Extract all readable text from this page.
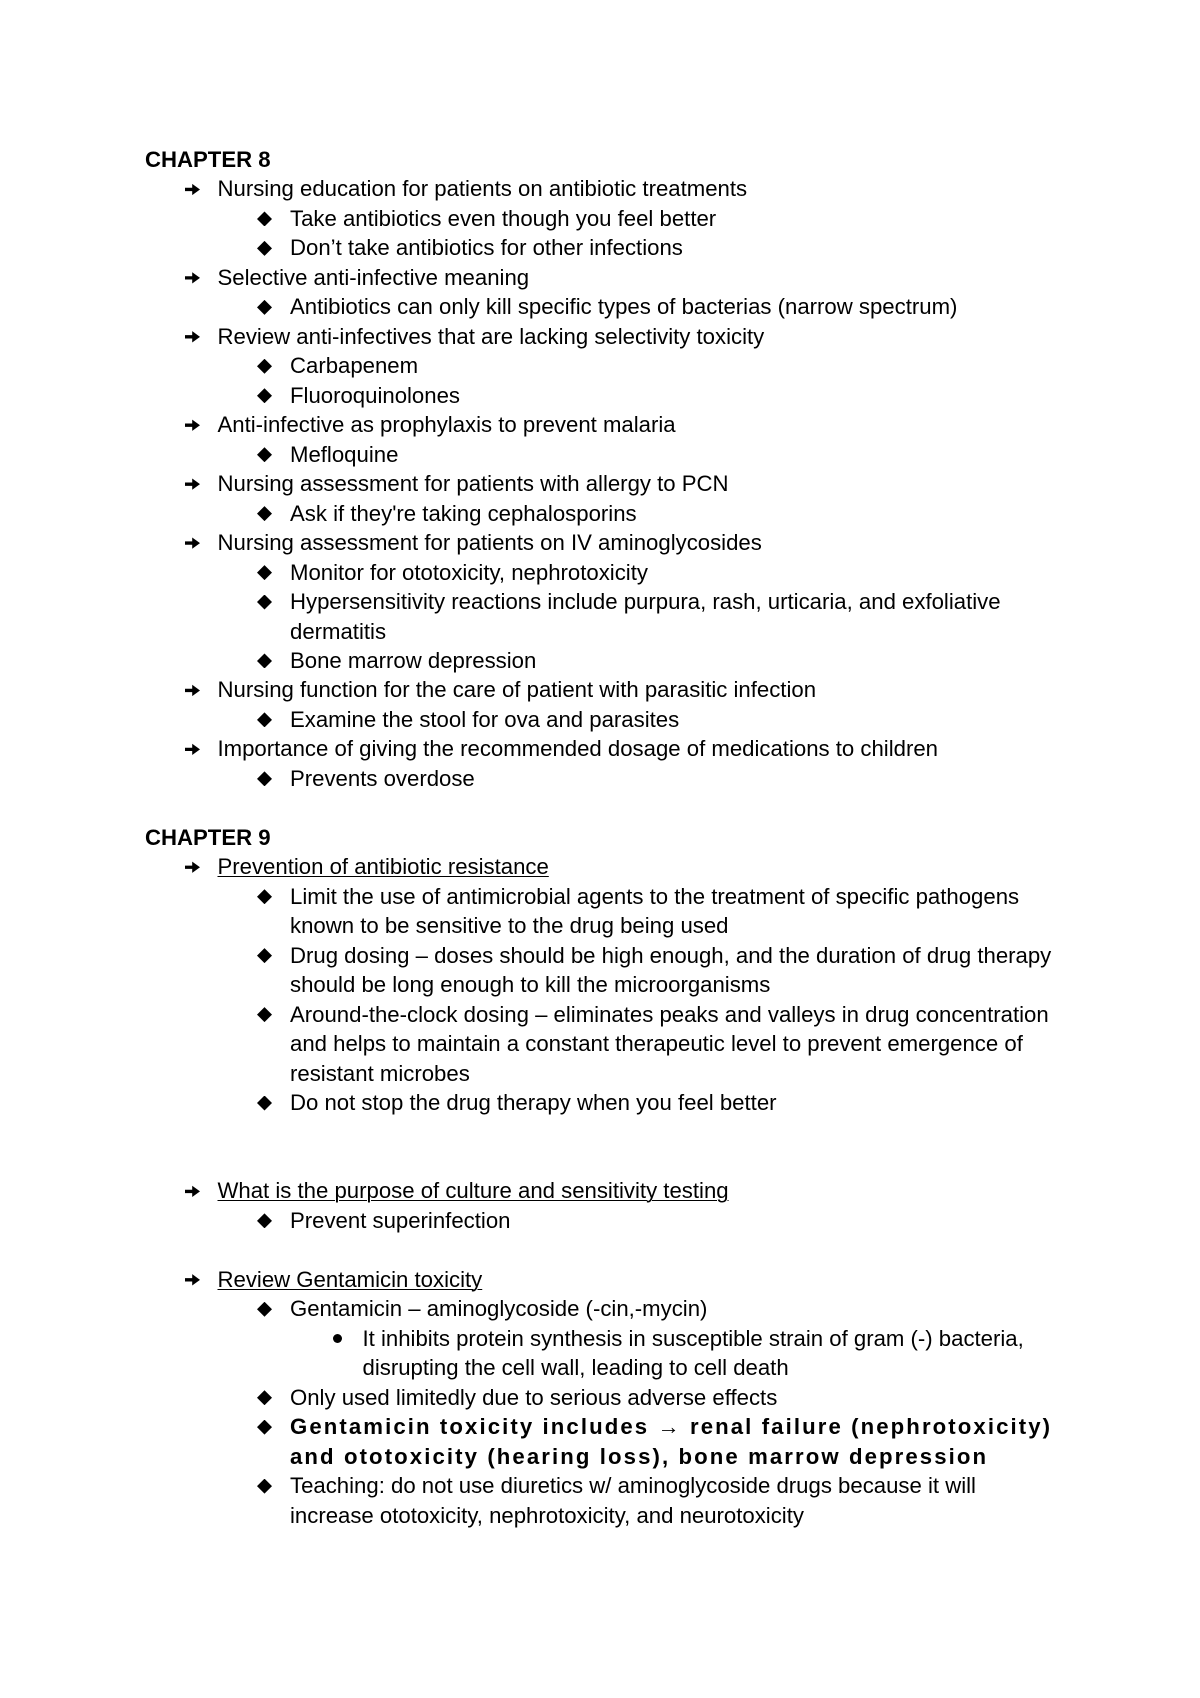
CHAPTER 8
Nursing education for patients on antibiotic treatments
Take antibiotics even though you feel better
Don’t take antibiotics for other infections
Selective anti-infective meaning
Antibiotics can only kill specific types of bacterias (narrow spectrum)
Review anti-infectives that are lacking selectivity toxicity
Carbapenem
Fluoroquinolones
Anti-infective as prophylaxis to prevent malaria
Mefloquine
Nursing assessment for patients with allergy to PCN
Ask if they're taking cephalosporins
Nursing assessment for patients on IV aminoglycosides
Monitor for ototoxicity, nephrotoxicity
Hypersensitivity reactions include purpura, rash, urticaria, and exfoliative
dermatitis
Bone marrow depression
Nursing function for the care of patient with parasitic infection
Examine the stool for ova and parasites
Importance of giving the recommended dosage of medications to children
Prevents overdose
CHAPTER 9
Prevention of antibiotic resistance
Limit the use of antimicrobial agents to the treatment of specific pathogens
known to be sensitive to the drug being used
Drug dosing – doses should be high enough, and the duration of drug therapy
should be long enough to kill the microorganisms
Around-the-clock dosing – eliminates peaks and valleys in drug concentration
and helps to maintain a constant therapeutic level to prevent emergence of
resistant microbes
Do not stop the drug therapy when you feel better
What is the purpose of culture and sensitivity testing
Prevent superinfection
Review Gentamicin toxicity
Gentamicin – aminoglycoside (-cin,-mycin)
It inhibits protein synthesis in susceptible strain of gram (-) bacteria,
disrupting the cell wall, leading to cell death
Only used limitedly due to serious adverse effects
Gentamicin toxicity includes → renal failure (nephrotoxicity)
and ototoxicity (hearing loss), bone marrow depression
Teaching: do not use diuretics w/ aminoglycoside drugs because it will
increase ototoxicity, nephrotoxicity, and neurotoxicity
